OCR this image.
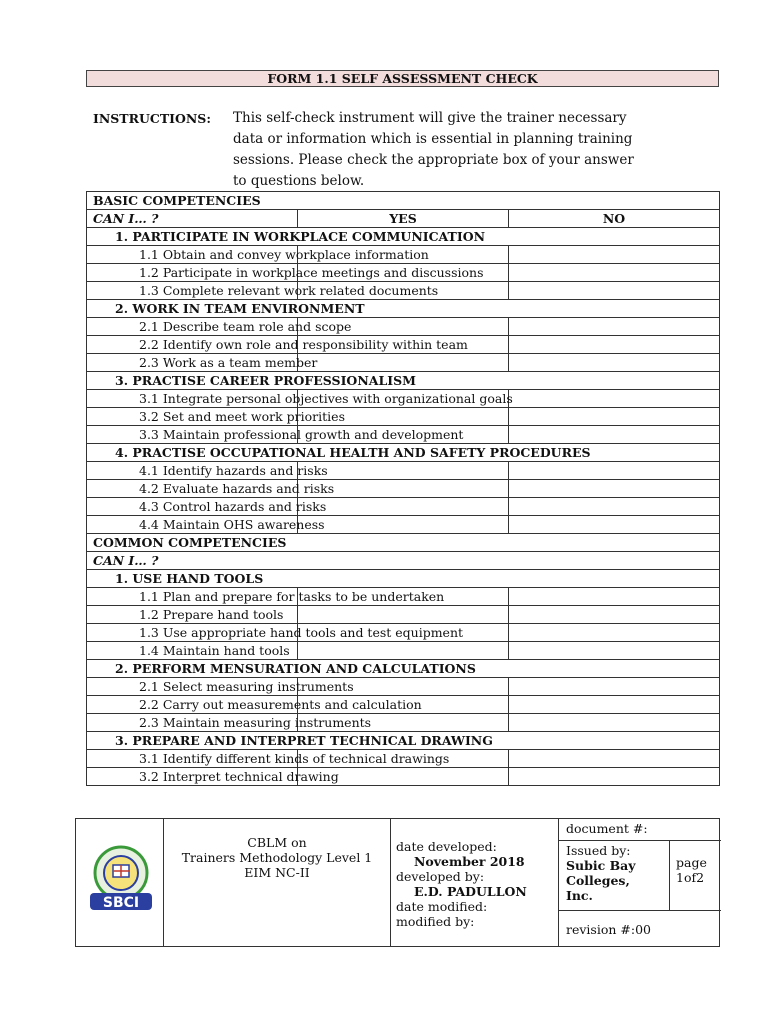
FORM 1.1 SELF ASSESSMENT CHECK
INSTRUCTIONS: This self-check instrument will give the trainer necessary
data or information which is essential in planning training
sessions. Please check the appropriate box of your answer
to questions below.
BASIC COMPETENCIES		
CAN I… ?	YES	NO
1. PARTICIPATE IN WORKPLACE COMMUNICATION		
1.1 Obtain and convey workplace information		
1.2 Participate in workplace meetings and discussions		
1.3 Complete relevant work related documents		
2. WORK IN TEAM ENVIRONMENT		
2.1 Describe team role and scope		
2.2 Identify own role and responsibility within team		
2.3 Work as a team member		
3. PRACTISE CAREER PROFESSIONALISM		
3.1 Integrate personal objectives with organizational goals		
3.2 Set and meet work priorities		
3.3 Maintain professional growth and development		
4. PRACTISE OCCUPATIONAL HEALTH AND SAFETY PROCEDURES		
4.1 Identify hazards and risks		
4.2 Evaluate hazards and risks		
4.3 Control hazards and risks		
4.4 Maintain OHS awareness		
COMMON COMPETENCIES		
CAN I… ?		
1. USE HAND TOOLS		
1.1 Plan and prepare for tasks to be undertaken		
1.2 Prepare hand tools		
1.3 Use appropriate hand tools and test equipment		
1.4 Maintain hand tools		
2. PERFORM MENSURATION AND CALCULATIONS		
2.1 Select measuring instruments		
2.2 Carry out measurements and calculation		
2.3 Maintain measuring instruments		
3. PREPARE AND INTERPRET TECHNICAL DRAWING		
3.1 Identify different kinds of technical drawings		
3.2 Interpret technical drawing		
SBCI
CBLM on
Trainers Methodology Level 1
EIM NC-II
date developed:
November 2018
developed by:
E.D. PADULLON
date modified:
modified by:
document #:
Issued by:
Subic Bay
Colleges,
Inc.
page
1of2
revision #:00
